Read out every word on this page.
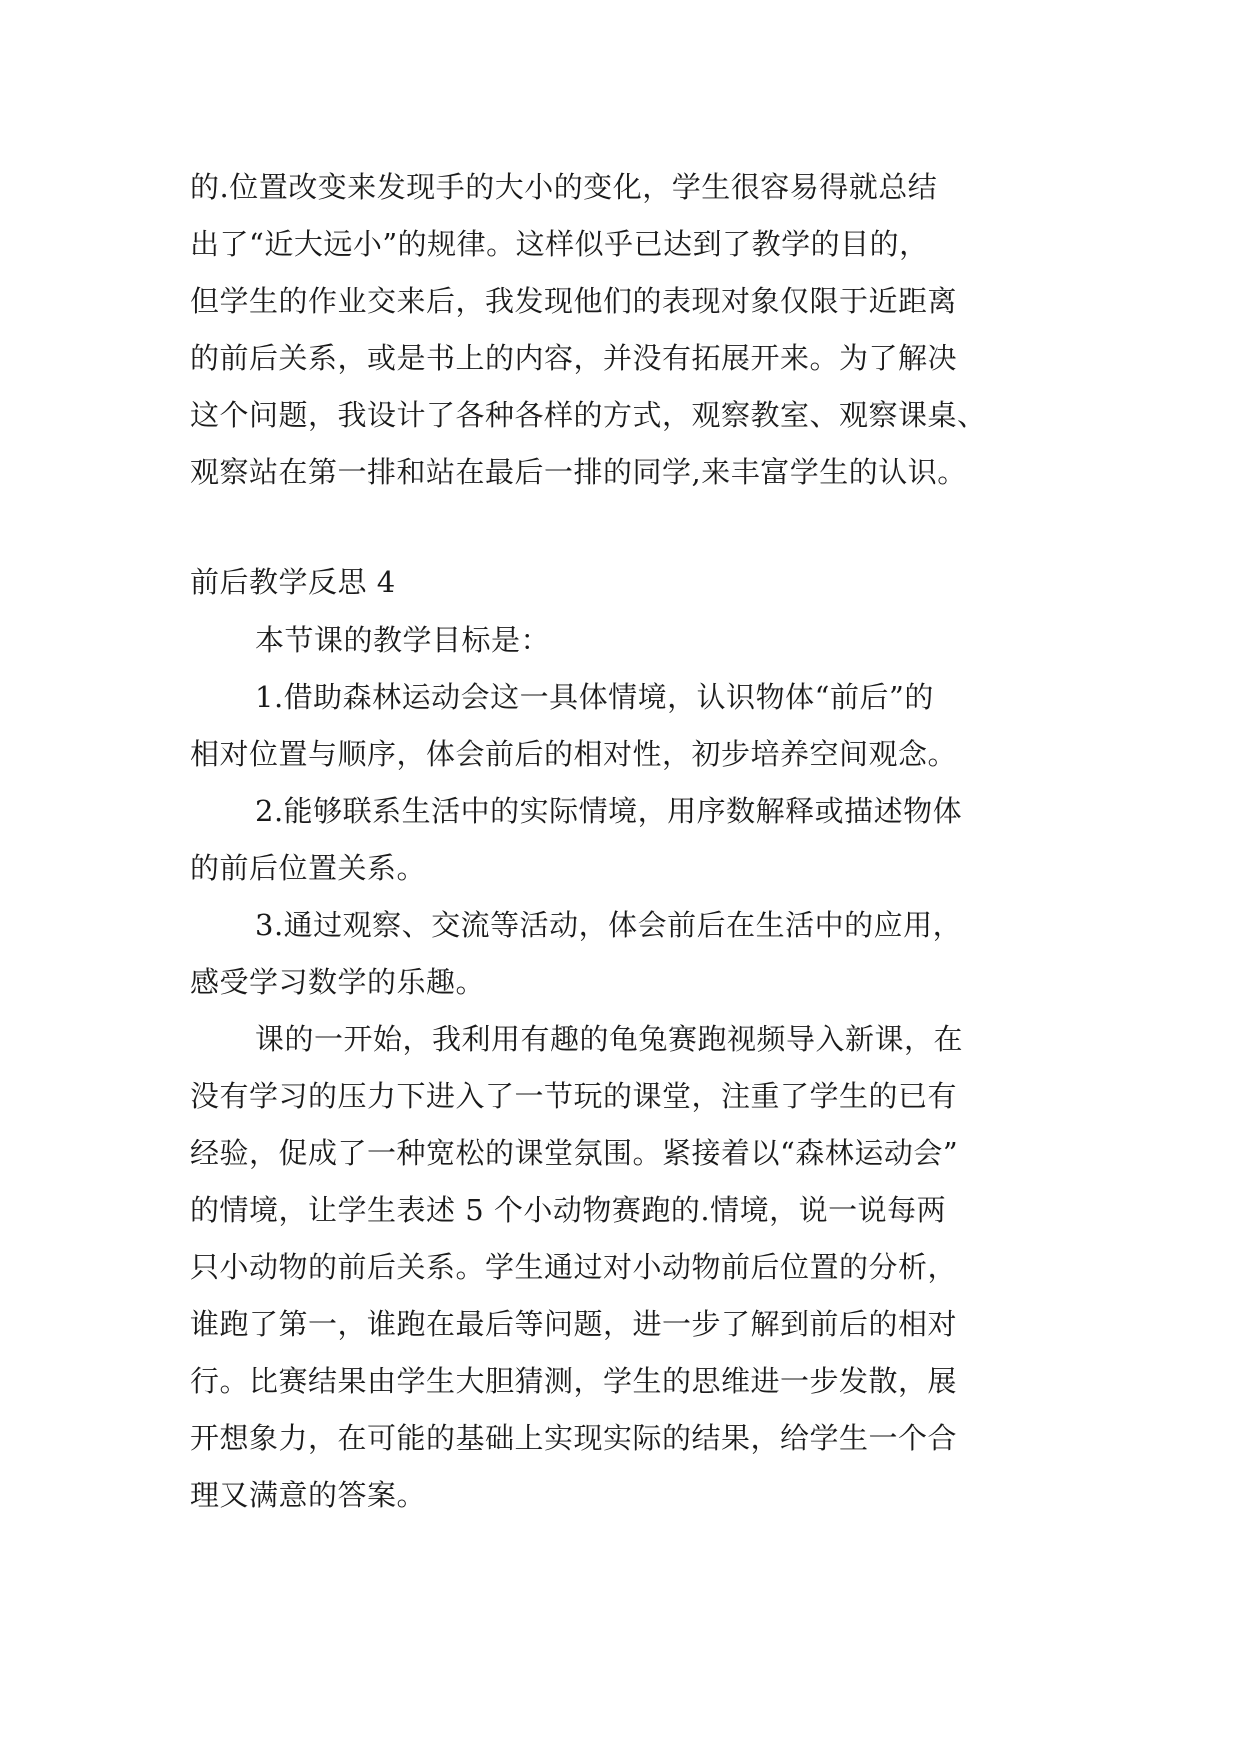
的.位置改变来发现手的大小的变化，学生很容易得就总结
出了“近大远小”的规律。这样似乎已达到了教学的目的，
但学生的作业交来后，我发现他们的表现对象仅限于近距离
的前后关系，或是书上的内容，并没有拓展开来。为了解决
这个问题，我设计了各种各样的方式，观察教室、观察课桌、
观察站在第一排和站在最后一排的同学,来丰富学生的认识。
前后教学反思 4
本节课的教学目标是：
1.借助森林运动会这一具体情境，认识物体“前后”的
相对位置与顺序，体会前后的相对性，初步培养空间观念。
2.能够联系生活中的实际情境，用序数解释或描述物体
的前后位置关系。
3.通过观察、交流等活动，体会前后在生活中的应用，
感受学习数学的乐趣。
课的一开始，我利用有趣的龟兔赛跑视频导入新课，在
没有学习的压力下进入了一节玩的课堂，注重了学生的已有
经验，促成了一种宽松的课堂氛围。紧接着以“森林运动会”
的情境，让学生表述 5 个小动物赛跑的.情境，说一说每两
只小动物的前后关系。学生通过对小动物前后位置的分析，
谁跑了第一，谁跑在最后等问题，进一步了解到前后的相对
行。比赛结果由学生大胆猜测，学生的思维进一步发散，展
开想象力，在可能的基础上实现实际的结果，给学生一个合
理又满意的答案。
